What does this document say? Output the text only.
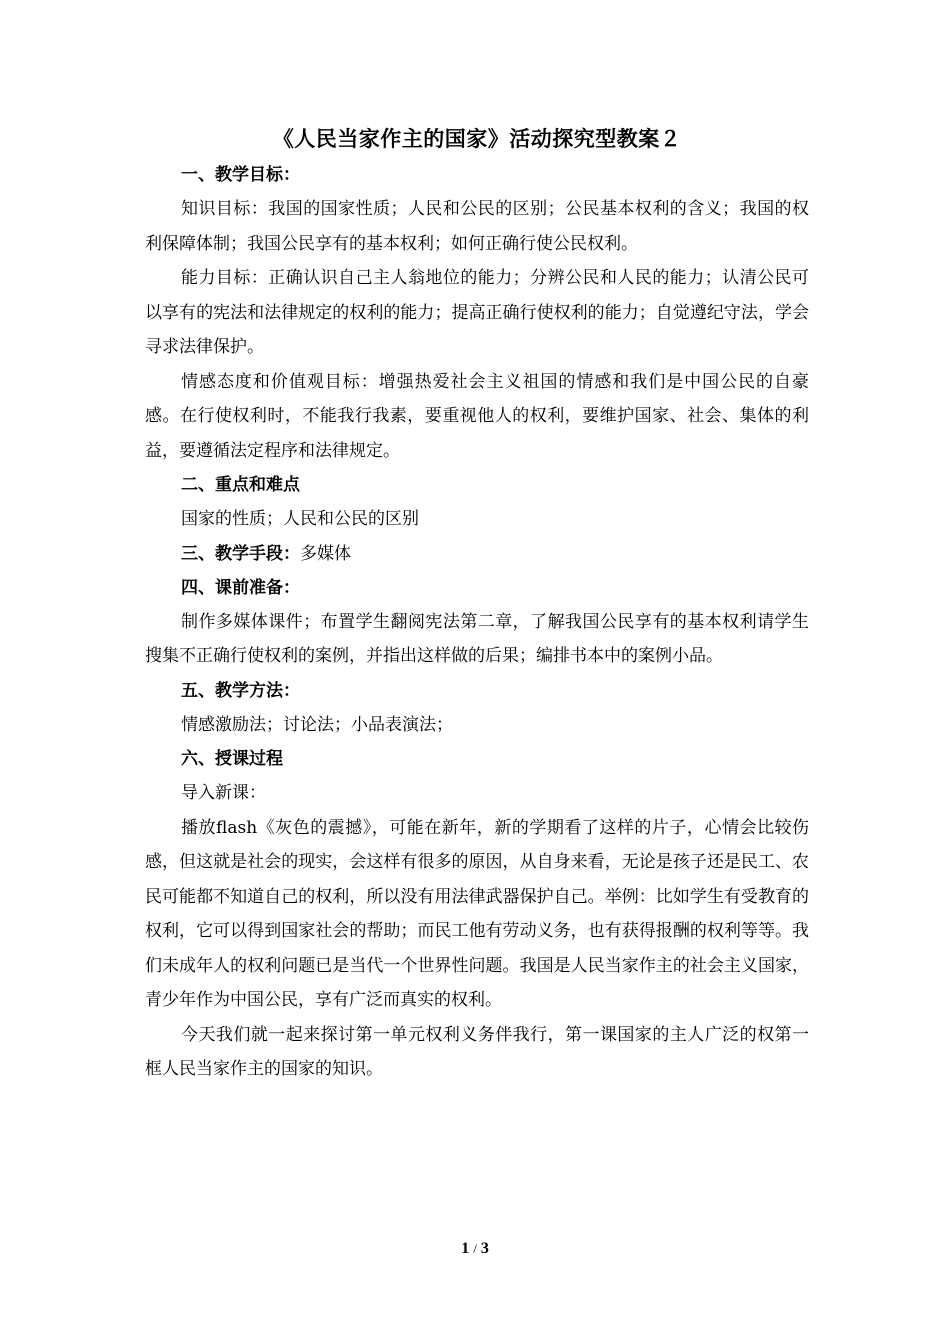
《人民当家作主的国家》活动探究型教案２

一、教学目标：

知识目标：我国的国家性质；人民和公民的区别；公民基本权利的含义；我国的权利保障体制；我国公民享有的基本权利；如何正确行使公民权利。

能力目标：正确认识自己主人翁地位的能力；分辨公民和人民的能力；认清公民可以享有的宪法和法律规定的权利的能力；提高正确行使权利的能力；自觉遵纪守法，学会寻求法律保护。

情感态度和价值观目标：增强热爱社会主义祖国的情感和我们是中国公民的自豪感。在行使权利时，不能我行我素，要重视他人的权利，要维护国家、社会、集体的利益，要遵循法定程序和法律规定。

二、重点和难点

国家的性质；人民和公民的区别

三、教学手段：多媒体

四、课前准备：

制作多媒体课件；布置学生翻阅宪法第二章，了解我国公民享有的基本权利请学生搜集不正确行使权利的案例，并指出这样做的后果；编排书本中的案例小品。

五、教学方法：

情感激励法；讨论法；小品表演法；

六、授课过程

导入新课：

播放flash《灰色的震撼》，可能在新年，新的学期看了这样的片子，心情会比较伤感，但这就是社会的现实，会这样有很多的原因，从自身来看，无论是孩子还是民工、农民可能都不知道自己的权利，所以没有用法律武器保护自己。举例：比如学生有受教育的权利，它可以得到国家社会的帮助；而民工他有劳动义务，也有获得报酬的权利等等。我们未成年人的权利问题已是当代一个世界性问题。我国是人民当家作主的社会主义国家，青少年作为中国公民，享有广泛而真实的权利。

今天我们就一起来探讨第一单元权利义务伴我行，第一课国家的主人广泛的权第一框人民当家作主的国家的知识。

1 / 3
